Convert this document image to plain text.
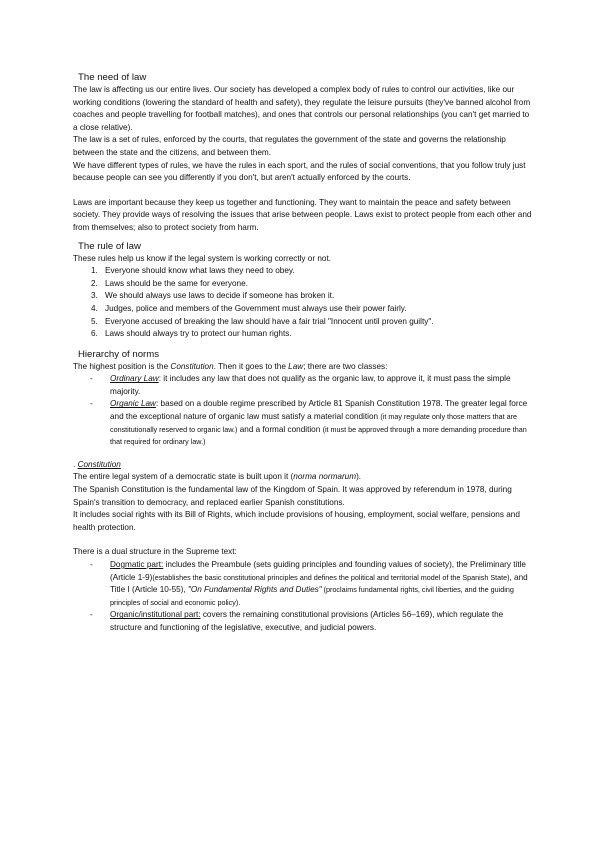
The need of law

The law is affecting us our entire lives. Our society has developed a complex body of rules to control our activities, like our working conditions (lowering the standard of health and safety), they regulate the leisure pursuits (they've banned alcohol from coaches and people travelling for football matches), and ones that controls our personal relationships (you can't get married to a close relative).

The law is a set of rules, enforced by the courts, that regulates the government of the state and governs the relationship between the state and the citizens, and between them.

We have different types of rules, we have the rules in each sport, and the rules of social conventions, that you follow truly just because people can see you differently if you don't, but aren't actually enforced by the courts.

Laws are important because they keep us together and functioning. They want to maintain the peace and safety between society. They provide ways of resolving the issues that arise between people. Laws exist to protect people from each other and from themselves; also to protect society from harm.

The rule of law

These rules help us know if the legal system is working correctly or not.

1. Everyone should know what laws they need to obey.
2. Laws should be the same for everyone.
3. We should always use laws to decide if someone has broken it.
4. Judges, police and members of the Government must always use their power fairly.
5. Everyone accused of breaking the law should have a fair trial "Innocent until proven guilty".
6. Laws should always try to protect our human rights.
Hierarchy of norms

The highest position is the Constitution. Then it goes to the Law; there are two classes:

- Ordinary Law: it includes any law that does not qualify as the organic law, to approve it, it must pass the simple majority.
- Organic Law: based on a double regime prescribed by Article 81 Spanish Constitution 1978. The greater legal force and the exceptional nature of organic law must satisfy a material condition (it may regulate only those matters that are constitutionally reserved to organic law.) and a formal condition (it must be approved through a more demanding procedure than that required for ordinary law.)

. Constitution

The entire legal system of a democratic state is built upon it (norma normarum).

The Spanish Constitution is the fundamental law of the Kingdom of Spain. It was approved by referendum in 1978, during Spain's transition to democracy, and replaced earlier Spanish constitutions.

It includes social rights with its Bill of Rights, which include provisions of housing, employment, social welfare, pensions and health protection.

There is a dual structure in the Supreme text:

- Dogmatic part: includes the Preambule (sets guiding principles and founding values of society), the Preliminary title (Article 1-9)(establishes the basic constitutional principles and defines the political and territorial model of the Spanish State), and Title I (Article 10-55), "On Fundamental Rights and Duties" (proclaims fundamental rights, civil liberties, and the guiding principles of social and economic policy).
- Organic/institutional part: covers the remaining constitutional provisions (Articles 56–169), which regulate the structure and functioning of the legislative, executive, and judicial powers.
